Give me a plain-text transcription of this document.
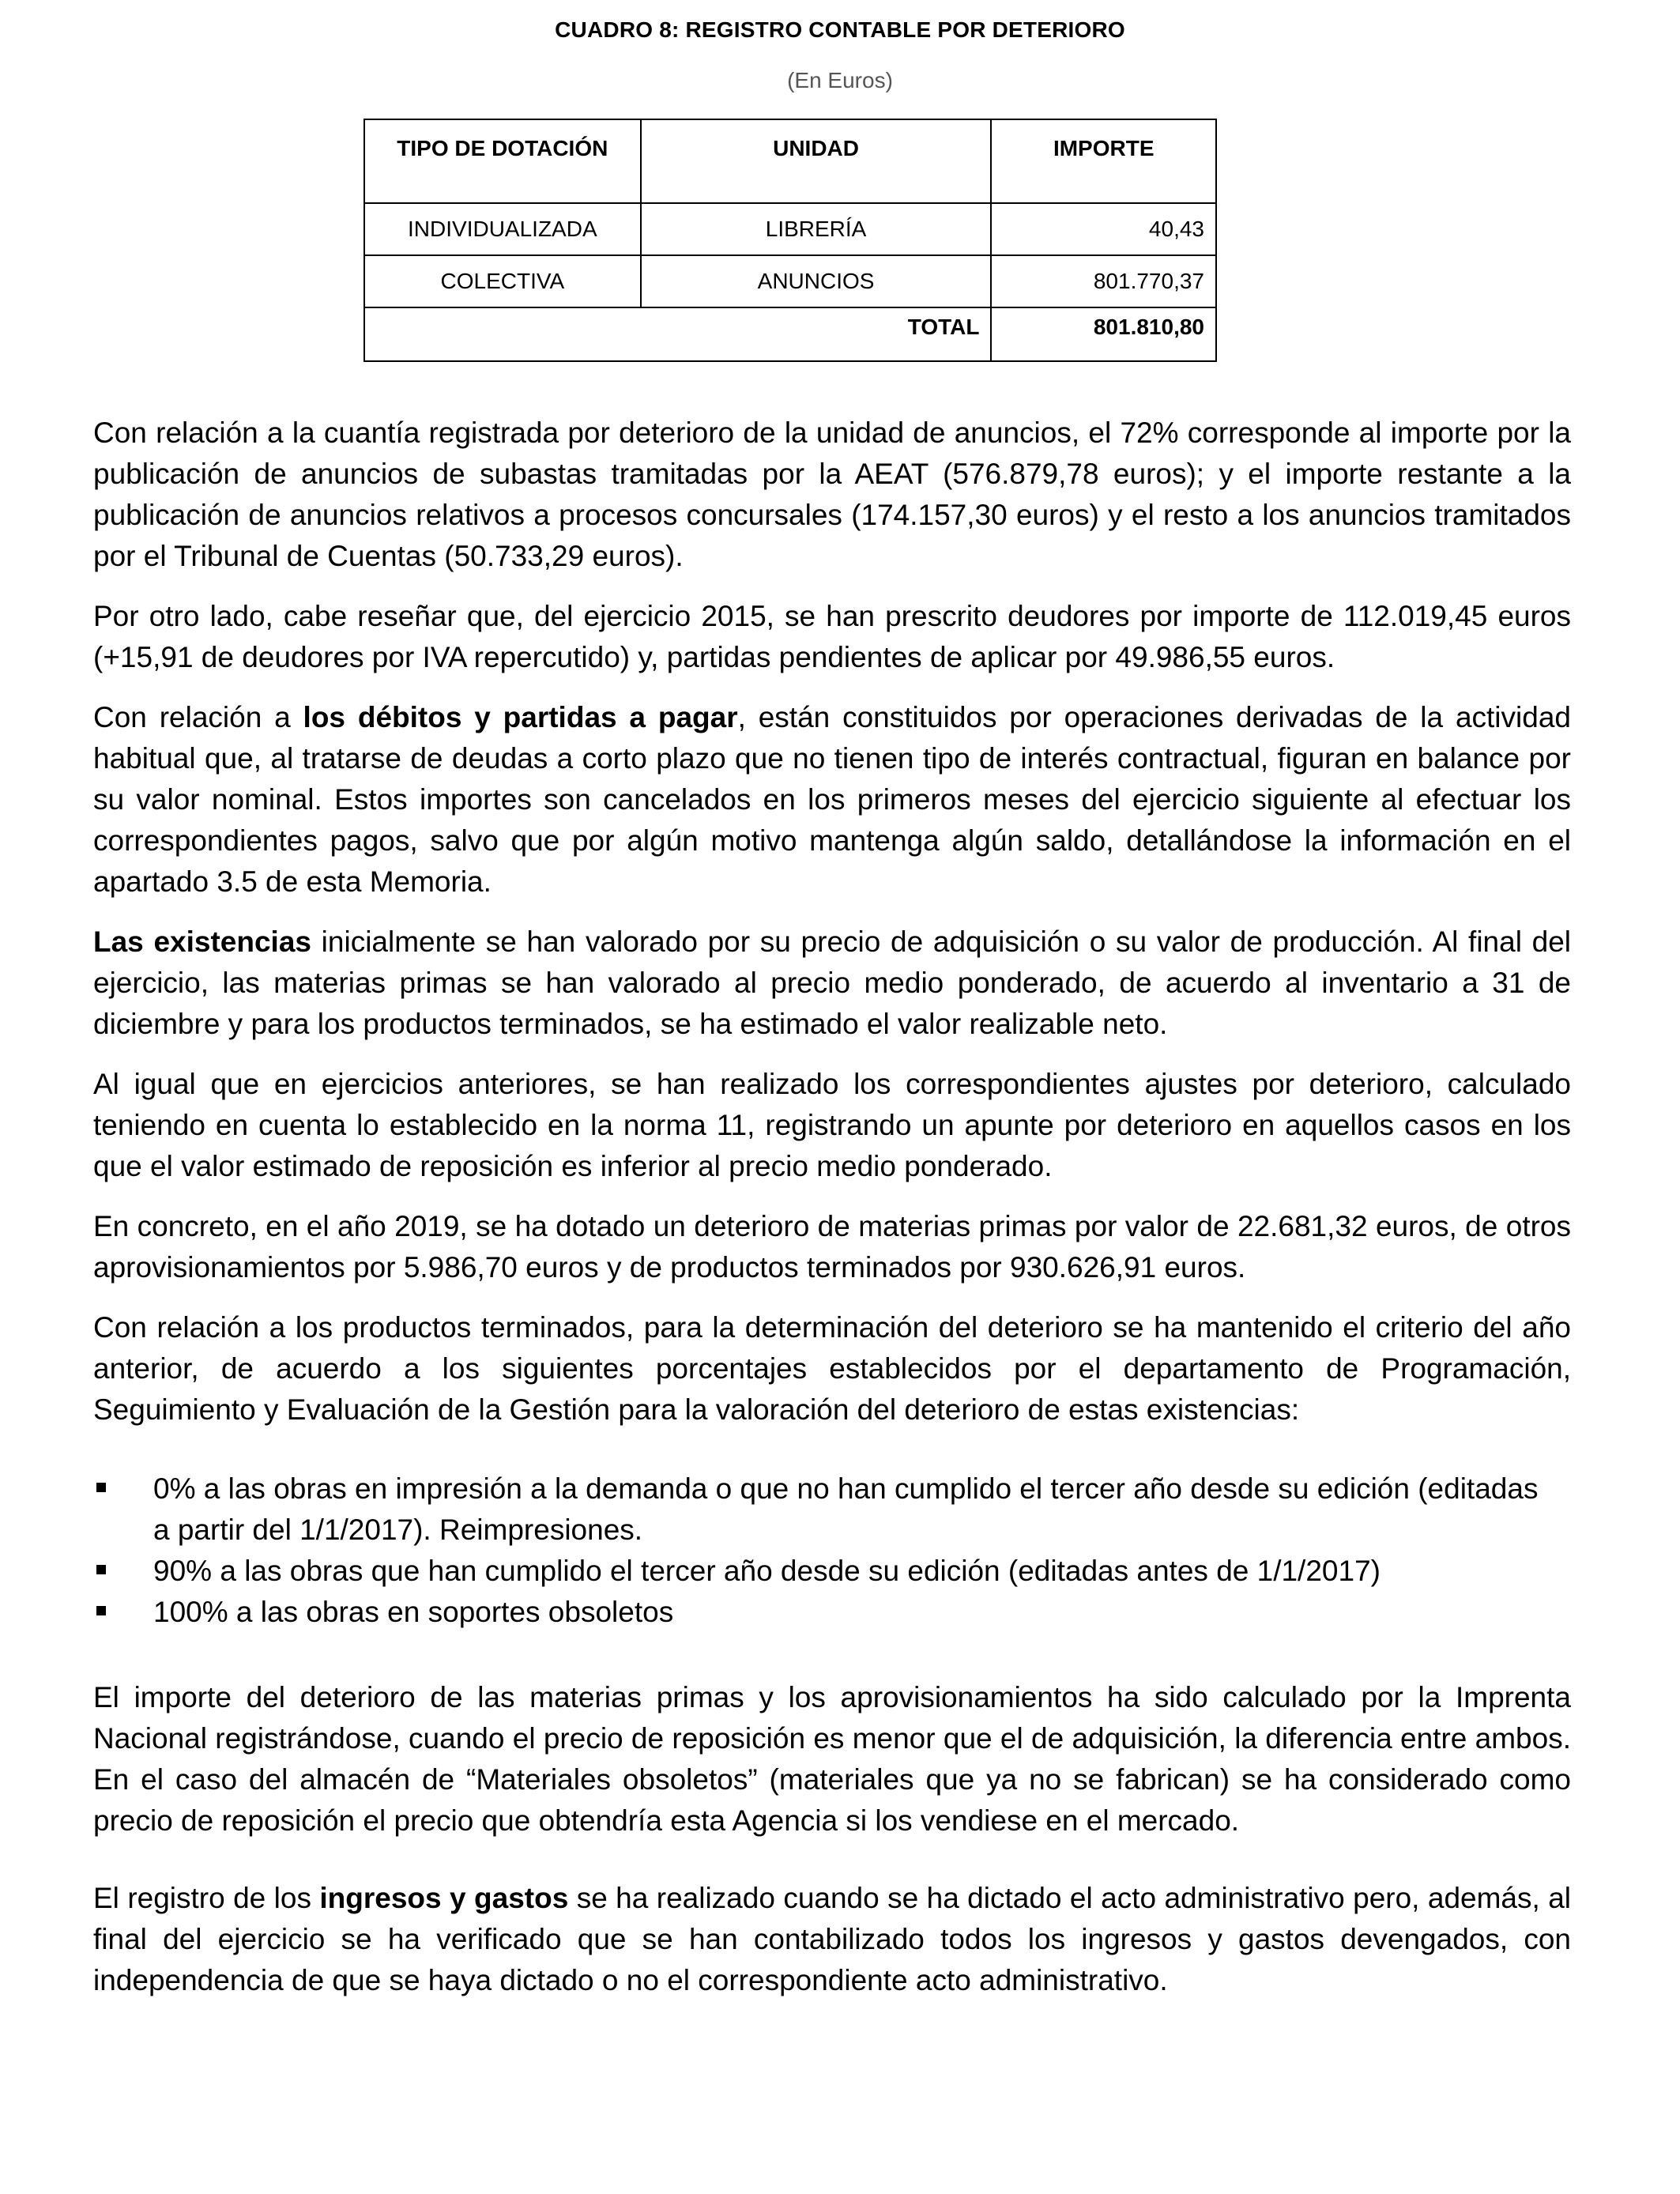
CUADRO 8: REGISTRO CONTABLE POR DETERIORO
(En Euros)
TIPO DE DOTACIÓN	UNIDAD	IMPORTE
INDIVIDUALIZADA	LIBRERÍA	40,43
COLECTIVA	ANUNCIOS	801.770,37
TOTAL		801.810,80

Con relación a la cuantía registrada por deterioro de la unidad de anuncios, el 72% corresponde al importe por la publicación de anuncios de subastas tramitadas por la AEAT (576.879,78 euros); y el importe restante a la publicación de anuncios relativos a procesos concursales (174.157,30 euros) y el resto a los anuncios tramitados por el Tribunal de Cuentas (50.733,29 euros).

Por otro lado, cabe reseñar que, del ejercicio 2015, se han prescrito deudores por importe de 112.019,45 euros (+15,91 de deudores por IVA repercutido) y, partidas pendientes de aplicar por 49.986,55 euros.

Con relación a los débitos y partidas a pagar, están constituidos por operaciones derivadas de la actividad habitual que, al tratarse de deudas a corto plazo que no tienen tipo de interés contractual, figuran en balance por su valor nominal. Estos importes son cancelados en los primeros meses del ejercicio siguiente al efectuar los correspondientes pagos, salvo que por algún motivo mantenga algún saldo, detallándose la información en el apartado 3.5 de esta Memoria.

Las existencias inicialmente se han valorado por su precio de adquisición o su valor de producción. Al final del ejercicio, las materias primas se han valorado al precio medio ponderado, de acuerdo al inventario a 31 de diciembre y para los productos terminados, se ha estimado el valor realizable neto.

Al igual que en ejercicios anteriores, se han realizado los correspondientes ajustes por deterioro, calculado teniendo en cuenta lo establecido en la norma 11, registrando un apunte por deterioro en aquellos casos en los que el valor estimado de reposición es inferior al precio medio ponderado.

En concreto, en el año 2019, se ha dotado un deterioro de materias primas por valor de 22.681,32 euros, de otros aprovisionamientos por 5.986,70 euros y de productos terminados por 930.626,91 euros.

Con relación a los productos terminados, para la determinación del deterioro se ha mantenido el criterio del año anterior, de acuerdo a los siguientes porcentajes establecidos por el departamento de Programación, Seguimiento y Evaluación de la Gestión para la valoración del deterioro de estas existencias:

0% a las obras en impresión a la demanda o que no han cumplido el tercer año desde su edición (editadas a partir del 1/1/2017). Reimpresiones.
90% a las obras que han cumplido el tercer año desde su edición (editadas antes de 1/1/2017)
100% a las obras en soportes obsoletos

El importe del deterioro de las materias primas y los aprovisionamientos ha sido calculado por la Imprenta Nacional registrándose, cuando el precio de reposición es menor que el de adquisición, la diferencia entre ambos. En el caso del almacén de “Materiales obsoletos” (materiales que ya no se fabrican) se ha considerado como precio de reposición el precio que obtendría esta Agencia si los vendiese en el mercado.

El registro de los ingresos y gastos se ha realizado cuando se ha dictado el acto administrativo pero, además, al final del ejercicio se ha verificado que se han contabilizado todos los ingresos y gastos devengados, con independencia de que se haya dictado o no el correspondiente acto administrativo.
